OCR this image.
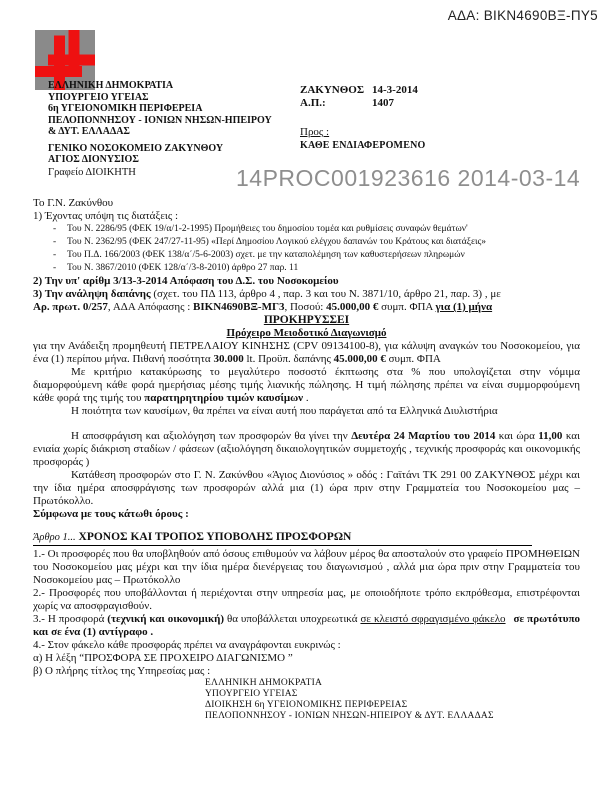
ΑΔΑ: ΒΙΚΝ4690ΒΞ-ΠΥ5
ΕΛΛΗΝΙΚΗ ΔΗΜΟΚΡΑΤΙΑ
ΥΠΟΥΡΓΕΙΟ ΥΓΕΙΑΣ
6η ΥΓΕΙΟΝΟΜΙΚΗ ΠΕΡΙΦΕΡΕΙΑ
ΠΕΛΟΠΟΝΝΗΣΟΥ - ΙΟΝΙΩΝ ΝΗΣΩΝ-ΗΠΕΙΡΟΥ
& ΔΥΤ. ΕΛΛΑΔΑΣ
ΓΕΝΙΚΟ ΝΟΣΟΚΟΜΕΙΟ ΖΑΚΥΝΘΟΥ
ΑΓΙΟΣ ΔΙΟΝΥΣΙΟΣ
Γραφείο ΔΙΟΙΚΗΤΗ
ΖΑΚΥΝΘΟΣ 14-3-2014
Α.Π.:	1407
Προς :
ΚΑΘΕ ΕΝΔΙΑΦΕΡΟΜΕΝΟ
14PROC001923616 2014-03-14

Το Γ.Ν. Ζακύνθου

1) Έχοντας υπόψη τις διατάξεις :

-	Του Ν. 2286/95 (ΦΕΚ 19/α/1-2-1995) Προμήθειες του δημοσίου τομέα και ρυθμίσεις συναφών θεμάτων'
-	Του Ν. 2362/95 (ΦΕΚ 247/27-11-95) «Περί Δημοσίου Λογικού ελέγχου δαπανών του Κράτους και διατάξεις»
-	Του Π.Δ. 166/2003 (ΦΕΚ 138/α΄/5-6-2003) σχετ. με την καταπολέμηση των καθυστερήσεων πληρωμών
-	Του Ν. 3867/2010 (ΦΕΚ 128/α΄/3-8-2010) άρθρο 27 παρ. 11

2) Την υπ' αρίθμ 3/13-3-2014 Απόφαση του Δ.Σ. του Νοσοκομείου

3) Την ανάληψη δαπάνης (σχετ. του ΠΔ 113, άρθρο 4 , παρ. 3 και του Ν. 3871/10, άρθρο 21, παρ. 3) , με

Αρ. πρωτ. 0/257, ΑΔΑ Απόφασης : ΒΙΚΝ4690ΒΞ-ΜΓ3, Ποσού: 45.000,00 € συμπ. ΦΠΑ για (1) μήνα

ΠΡΟΚΗΡΥΣΣΕΙ

Πρόχειρο Μειοδοτικό Διαγωνισμό

για την Ανάδειξη προμηθευτή ΠΕΤΡΕΛΑΙΟΥ ΚΙΝΗΣΗΣ (CPV 09134100-8), για κάλυψη αναγκών του Νοσοκομείου, για ένα (1) περίπου μήνα. Πιθανή ποσότητα 30.000 lt. Προϋπ. δαπάνης 45.000,00 € συμπ. ΦΠΑ

Με κριτήριο κατακύρωσης το μεγαλύτερο ποσοστό έκπτωσης στα % που υπολογίζεται στην νόμιμα διαμορφούμενη κάθε φορά ημερήσιας μέσης τιμής λιανικής πώλησης. Η τιμή πώλησης πρέπει να είναι συμμορφούμενη κάθε φορά της τιμής του παρατηρητηρίου τιμών καυσίμων .

Η ποιότητα των καυσίμων, θα πρέπει να είναι αυτή που παράγεται από τα Ελληνικά Διυλιστήρια

Η αποσφράγιση και αξιολόγηση των προσφορών θα γίνει την Δευτέρα 24 Μαρτίου του 2014 και ώρα 11,00 και ενιαία χωρίς διάκριση σταδίων / φάσεων (αξιολόγηση δικαιολογητικών συμμετοχής , τεχνικής προσφοράς και οικονομικής προσφοράς )

Κατάθεση προσφορών στο Γ. Ν. Ζακύνθου «Άγιος Διονύσιος » οδός : Γαϊτάνι ΤΚ 291 00 ΖΑΚΥΝΘΟΣ μέχρι και την ίδια ημέρα αποσφράγισης των προσφορών αλλά μια (1) ώρα πριν στην Γραμματεία του Νοσοκομείου μας – Πρωτόκολλο.

Σύμφωνα με τους κάτωθι όρους :

Άρθρο 1... ΧΡΟΝΟΣ ΚΑΙ ΤΡΟΠΟΣ ΥΠΟΒΟΛΗΣ ΠΡΟΣΦΟΡΩΝ

1.- Οι προσφορές που θα υποβληθούν από όσους επιθυμούν να λάβουν μέρος θα αποσταλούν στο γραφείο ΠΡΟΜΗΘΕΙΩΝ του Νοσοκομείου μας μέχρι και την ίδια ημέρα διενέργειας του διαγωνισμού , αλλά μια ώρα πριν στην Γραμματεία του Νοσοκομείου μας – Πρωτόκολλο

2.- Προσφορές που υποβάλλονται ή περιέχονται στην υπηρεσία μας, με οποιοδήποτε τρόπο εκπρόθεσμα, επιστρέφονται χωρίς να αποσφραγισθούν.

3.- Η προσφορά (τεχνική και οικονομική) θα υποβάλλεται υποχρεωτικά σε κλειστό σφραγισμένο φάκελο σε πρωτότυπο και σε ένα (1) αντίγραφο .

4.- Στον φάκελο κάθε προσφοράς πρέπει να αναγράφονται ευκρινώς :

α) Η λέξη “ΠΡΟΣΦΟΡΑ ΣΕ ΠΡΟΧΕΙΡΟ ΔΙΑΓΩΝΙΣΜΟ ”

β) Ο πλήρης τίτλος της Υπηρεσίας μας :

ΕΛΛΗΝΙΚΗ ΔΗΜΟΚΡΑΤΙΑ
ΥΠΟΥΡΓΕΙΟ ΥΓΕΙΑΣ
ΔΙΟΙΚΗΣΗ 6η ΥΓΕΙΟΝΟΜΙΚΗΣ ΠΕΡΙΦΕΡΕΙΑΣ
ΠΕΛΟΠΟΝΝΗΣΟΥ - ΙΟΝΙΩΝ ΝΗΣΩΝ-ΗΠΕΙΡΟΥ & ΔΥΤ. ΕΛΛΑΔΑΣ
